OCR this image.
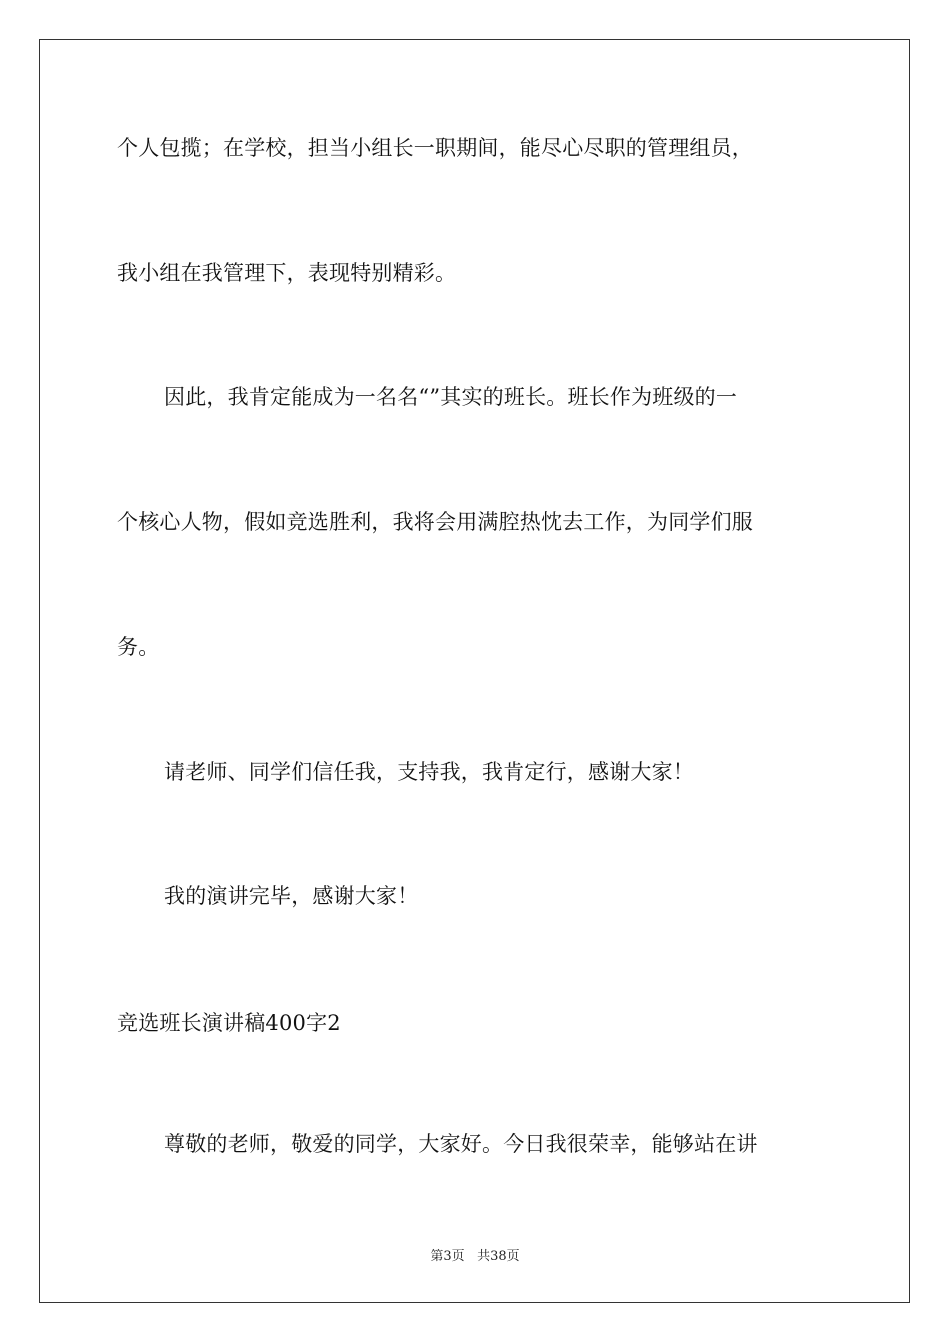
个人包揽；在学校，担当小组长一职期间，能尽心尽职的管理组员，
我小组在我管理下，表现特别精彩。
因此，我肯定能成为一名名“”其实的班长。班长作为班级的一
个核心人物，假如竞选胜利，我将会用满腔热忱去工作，为同学们服
务。
请老师、同学们信任我，支持我，我肯定行，感谢大家！
我的演讲完毕，感谢大家！
竞选班长演讲稿400字2
尊敬的老师，敬爱的同学，大家好。今日我很荣幸，能够站在讲
第3页 共38页
